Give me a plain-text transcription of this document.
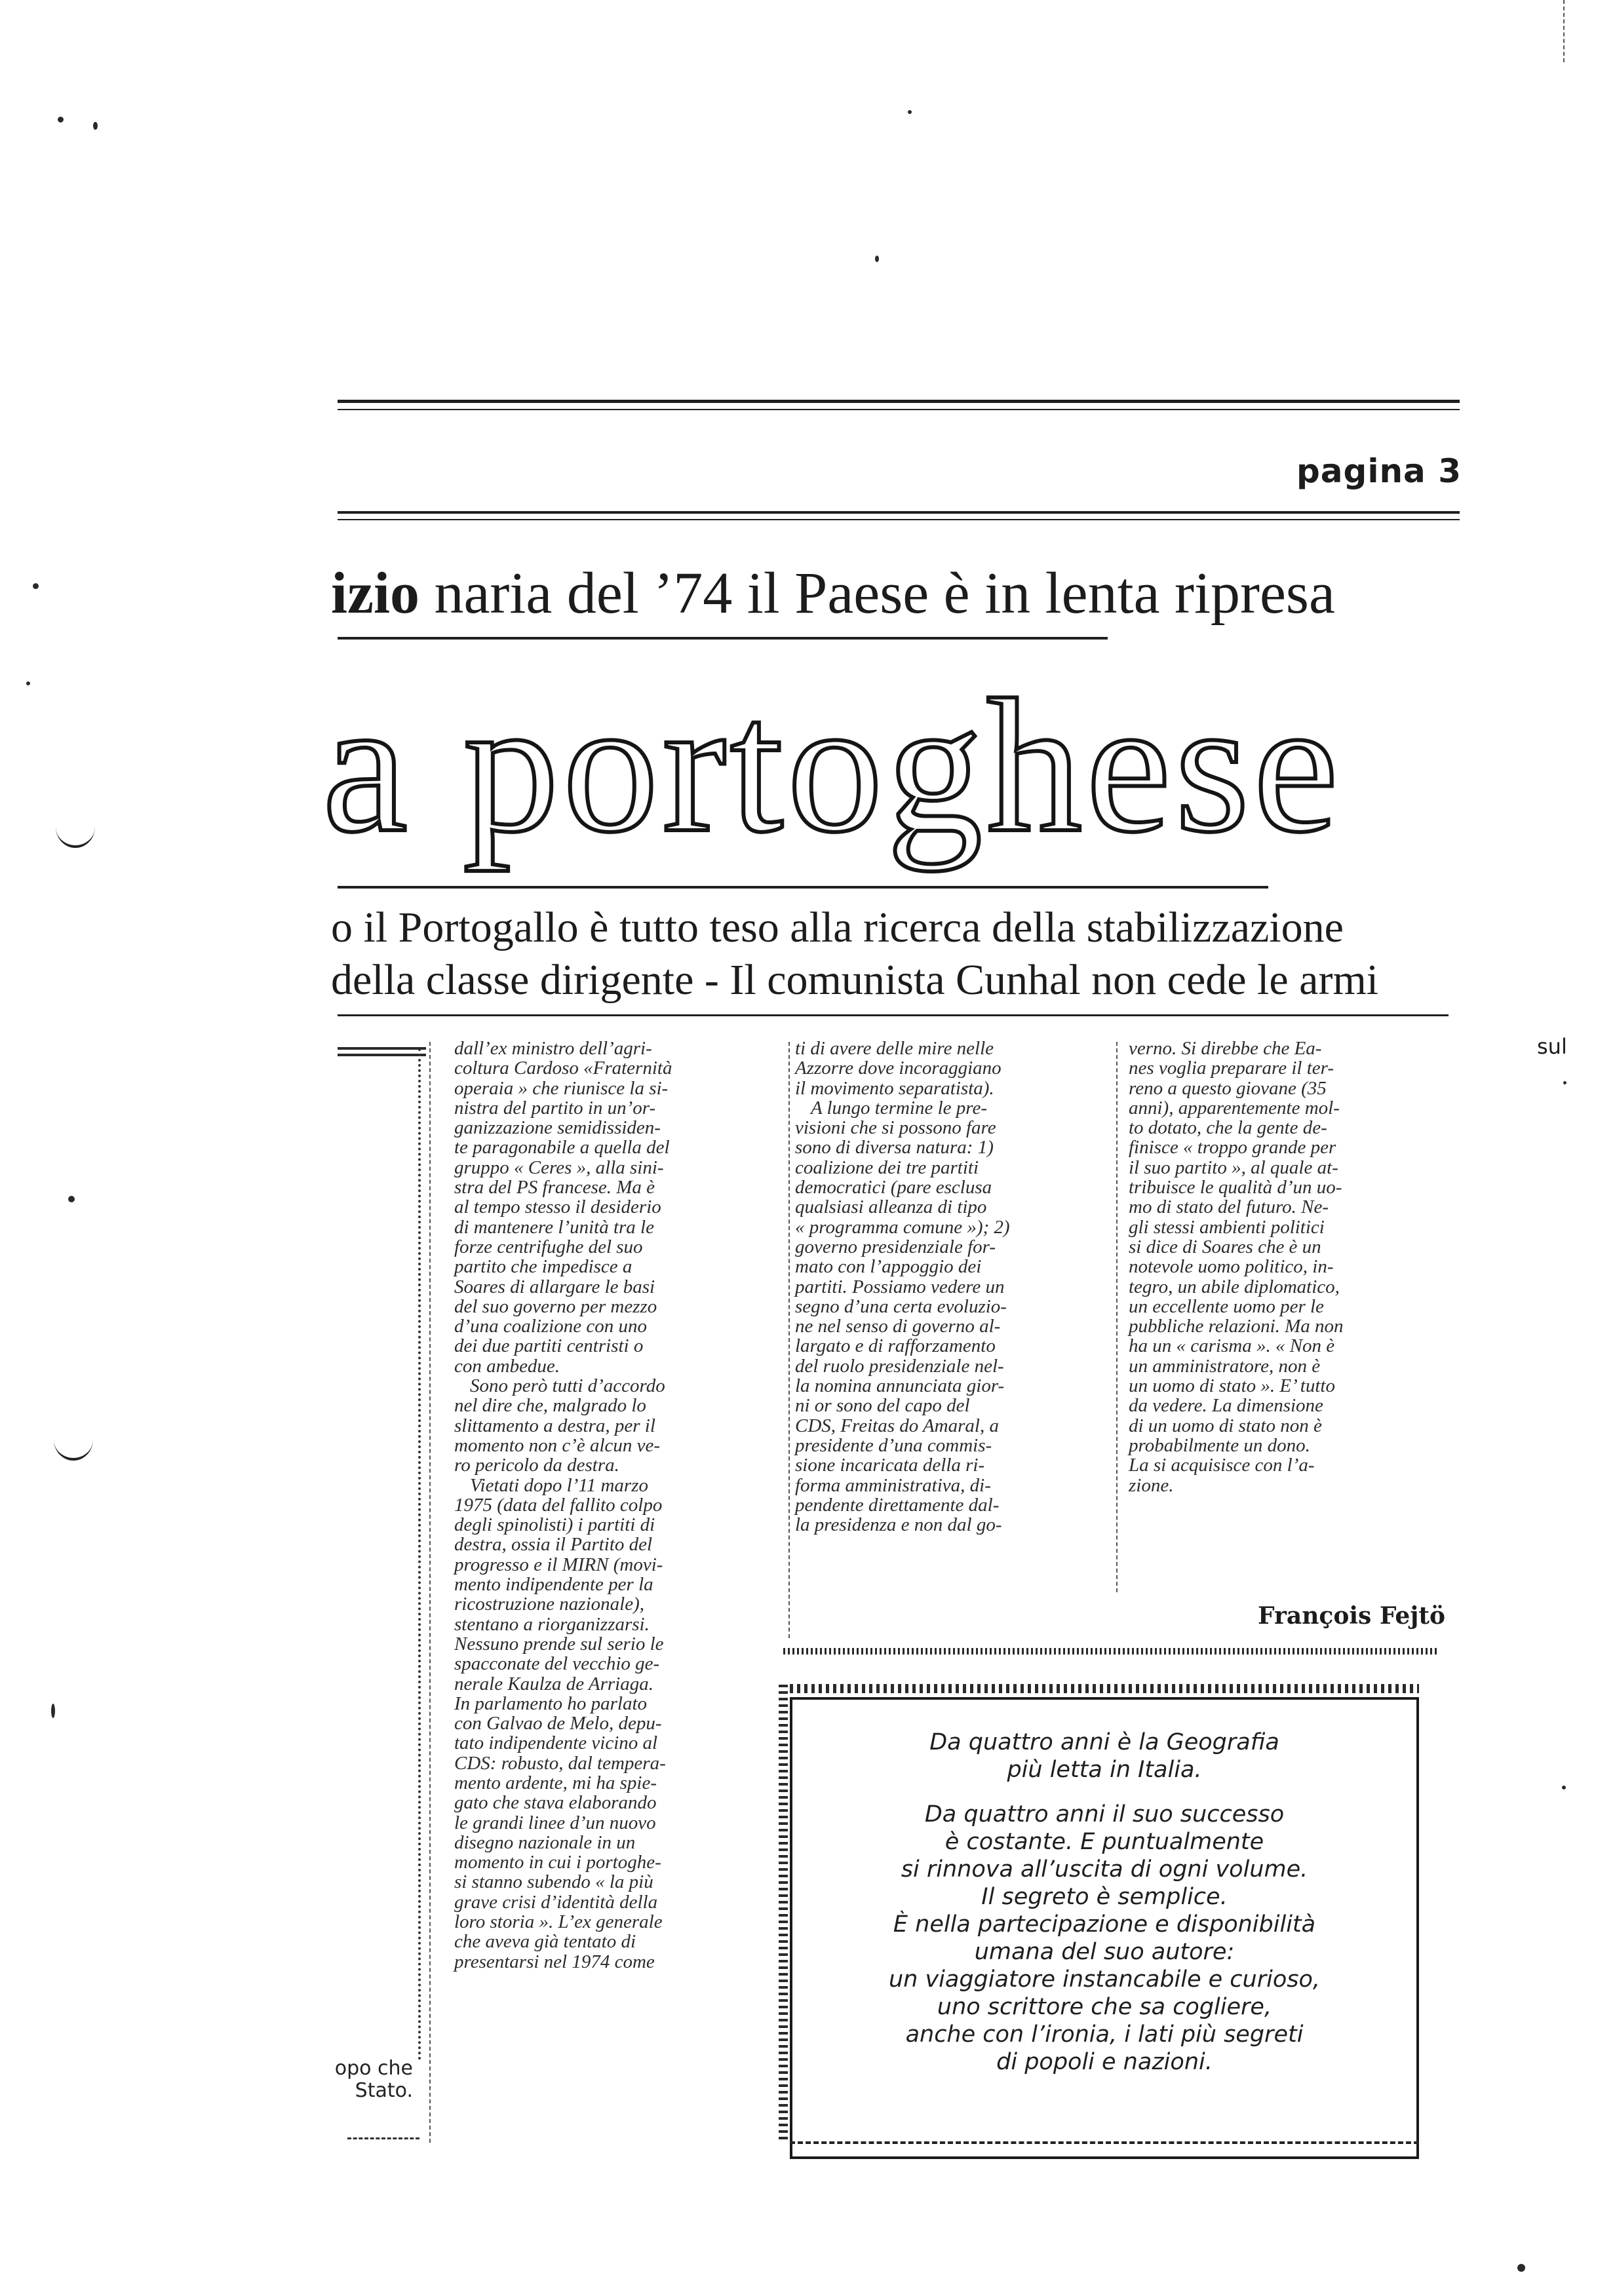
pagina 3
izio naria del ’74 il Paese è in lenta ripresa
a portoghese
o il Portogallo è tutto teso alla ricerca della stabilizzazione
della classe dirigente - Il comunista Cunhal non cede le armi
opo che
Stato.
dall’ex ministro dell’agri-
coltura Cardoso «Fraternità
operaia » che riunisce la si-
nistra del partito in un’or-
ganizzazione semidissiden-
te paragonabile a quella del
gruppo « Ceres », alla sini-
stra del PS francese. Ma è
al tempo stesso il desiderio
di mantenere l’unità tra le
forze centrifughe del suo
partito che impedisce a
Soares di allargare le basi
del suo governo per mezzo
d’una coalizione con uno
dei due partiti centristi o
con ambedue.
Sono però tutti d’accordo
nel dire che, malgrado lo
slittamento a destra, per il
momento non c’è alcun ve-
ro pericolo da destra.
Vietati dopo l’11 marzo
1975 (data del fallito colpo
degli spinolisti) i partiti di
destra, ossia il Partito del
progresso e il MIRN (movi-
mento indipendente per la
ricostruzione nazionale),
stentano a riorganizzarsi.
Nessuno prende sul serio le
spacconate del vecchio ge-
nerale Kaulza de Arriaga.
In parlamento ho parlato
con Galvao de Melo, depu-
tato indipendente vicino al
CDS: robusto, dal tempera-
mento ardente, mi ha spie-
gato che stava elaborando
le grandi linee d’un nuovo
disegno nazionale in un
momento in cui i portoghe-
si stanno subendo « la più
grave crisi d’identità della
loro storia ». L’ex generale
che aveva già tentato di
presentarsi nel 1974 come
ti di avere delle mire nelle
Azzorre dove incoraggiano
il movimento separatista).
A lungo termine le pre-
visioni che si possono fare
sono di diversa natura: 1)
coalizione dei tre partiti
democratici (pare esclusa
qualsiasi alleanza di tipo
« programma comune »); 2)
governo presidenziale for-
mato con l’appoggio dei
partiti. Possiamo vedere un
segno d’una certa evoluzio-
ne nel senso di governo al-
largato e di rafforzamento
del ruolo presidenziale nel-
la nomina annunciata gior-
ni or sono del capo del
CDS, Freitas do Amaral, a
presidente d’una commis-
sione incaricata della ri-
forma amministrativa, di-
pendente direttamente dal-
la presidenza e non dal go-
verno. Si direbbe che Ea-
nes voglia preparare il ter-
reno a questo giovane (35
anni), apparentemente mol-
to dotato, che la gente de-
finisce « troppo grande per
il suo partito », al quale at-
tribuisce le qualità d’un uo-
mo di stato del futuro. Ne-
gli stessi ambienti politici
si dice di Soares che è un
notevole uomo politico, in-
tegro, un abile diplomatico,
un eccellente uomo per le
pubbliche relazioni. Ma non
ha un « carisma ». « Non è
un amministratore, non è
un uomo di stato ». E’ tutto
da vedere. La dimensione
di un uomo di stato non è
probabilmente un dono.
La si acquisisce con l’a-
zione.
François Fejtö
Da quattro anni è la Geografia
più letta in Italia.
Da quattro anni il suo successo
è costante. E puntualmente
si rinnova all’uscita di ogni volume.
Il segreto è semplice.
È nella partecipazione e disponibilità
umana del suo autore:
un viaggiatore instancabile e curioso,
uno scrittore che sa cogliere,
anche con l’ironia, i lati più segreti
di popoli e nazioni.
sul
